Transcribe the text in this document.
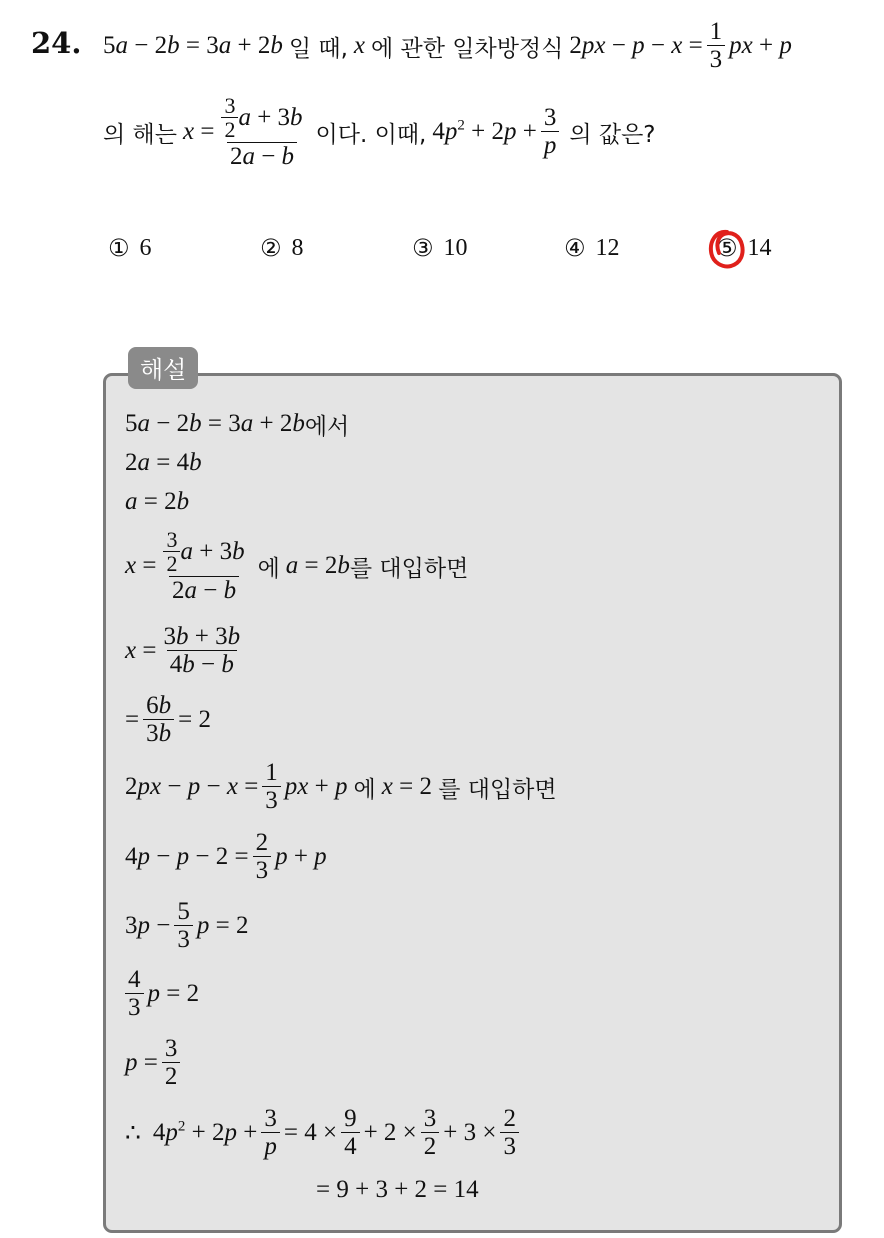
24. 5a − 2b = 3a + 2b 일 때, x 에 관한 일차방정식 $2px - p - x = \frac{1}{3}$ px + p
의 해는 $x = \frac{\frac{3}{2} a + 3 b}{2a - b}$ 이다. 이때, $4p^2 + 2p + \frac{3}{p}$ 의 값은?
① 6	② 8	③ 10	④ 12	⑤ 14
해설
5a − 2b = 3a + 2b 에서
2a = 4b
a = 2b
$x = \frac{\frac{3}{2} a + 3 b}{2a - b}$ 에 a = 2 b 를 대입하면
$x = \frac{3b + 3b}{4b - b}$
= $\frac{6b}{3b} = 2$
$2px - p - x = \frac{1}{3}$ px + p 에 x = 2 를 대입하면
$4p - p - 2 = \frac{2}{3}$ p + p
$3p - \frac{5}{3}$ p = 2
$\frac{4}{3}$ p = 2
$p = \frac{3}{2}$
∴ $4p^2 + 2p + \frac{3}{p} = 4 \times \frac{9}{4} + 2 \times \frac{3}{2} + 3 \times \frac{2}{3}$
= 9 + 3 + 2 = 14
